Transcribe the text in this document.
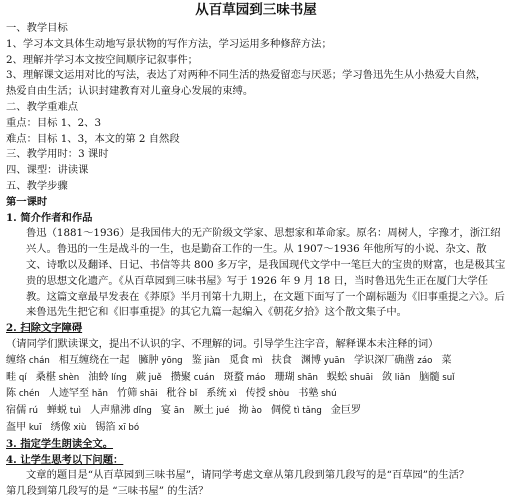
从百草园到三味书屋
一、教学目标
1、学习本文具体生动地写景状物的写作方法，学习运用多种修辞方法；
2、理解并学习本文按空间顺序记叙事件；
3、理解课文运用对比的写法，表达了对两种不同生活的热爱留恋与厌恶；学习鲁迅先生从小热爱大自然，
热爱自由生活；认识封建教育对儿童身心发展的束缚。
二、教学重难点
重点：目标 1、2、3
难点：目标 1、3，本文的第 2 自然段
三、教学用时：3 课时
四、课型：讲读课
五、教学步骤
第一课时
1. 简介作者和作品
鲁迅（1881～1936）是我国伟大的无产阶级文学家、思想家和革命家。原名：周树人，字豫才，浙江绍兴人。鲁迅的一生是战斗的一生，也是勤奋工作的一生。从 1907～1936 年他所写的小说、杂文、散文、诗歌以及翻译、日记、书信等共 800 多万字，是我国现代文学中一笔巨大的宝贵的财富，也是极其宝贵的思想文化遗产。《从百草园到三味书屋》写于 1926 年 9 月 18 日，当时鲁迅先生正在厦门大学任教。这篇文章最早发表在《莽原》半月刊第十九期上，在文题下面写了一个副标题为《旧事重提之六》。后来鲁迅先生把它和《旧事重提》的其它九篇一起编入《朝花夕拾》这个散文集子中。
2. 扫除文字障碍
（请同学们默读课文，提出不认识的字、不理解的词。引导学生注字音，解释课本未注释的词）
缠络 chán 相互缠绕在一起 臃肿 yōng 鉴 jiàn 觅食 mì 扶食 渊博 yuān 学识深厂确凿 záo 菜
畦 qí 桑椹 shèn 油蛉 líng 蕨 juě 攒聚 cuán 斑蝥 máo 珊瑚 shān 蜈蚣 shuāi 敛 liǎn 脑髓 suǐ
陈 chén 人迹罕至 hǎn 竹筛 shāi 秕谷 bǐ 系统 xì 传授 shòu 书塾 shú
宿儒 rú 蝉蜕 tuì 人声鼎沸 dǐng 宴 ān 厥土 jué 拗 ào 倜傥 tì tǎng 金巨罗
盔甲 kuī 绣像 xiù 锡箔 xī bó
3. 指定学生朗读全文。
4. 让学生思考以下问题：
文章的题目是“从百草园到三味书屋”，请同学考虑文章从第几段到第几段写的是“百草园”的生活？
第几段到第几段写的是 “三味书屋” 的生活？
